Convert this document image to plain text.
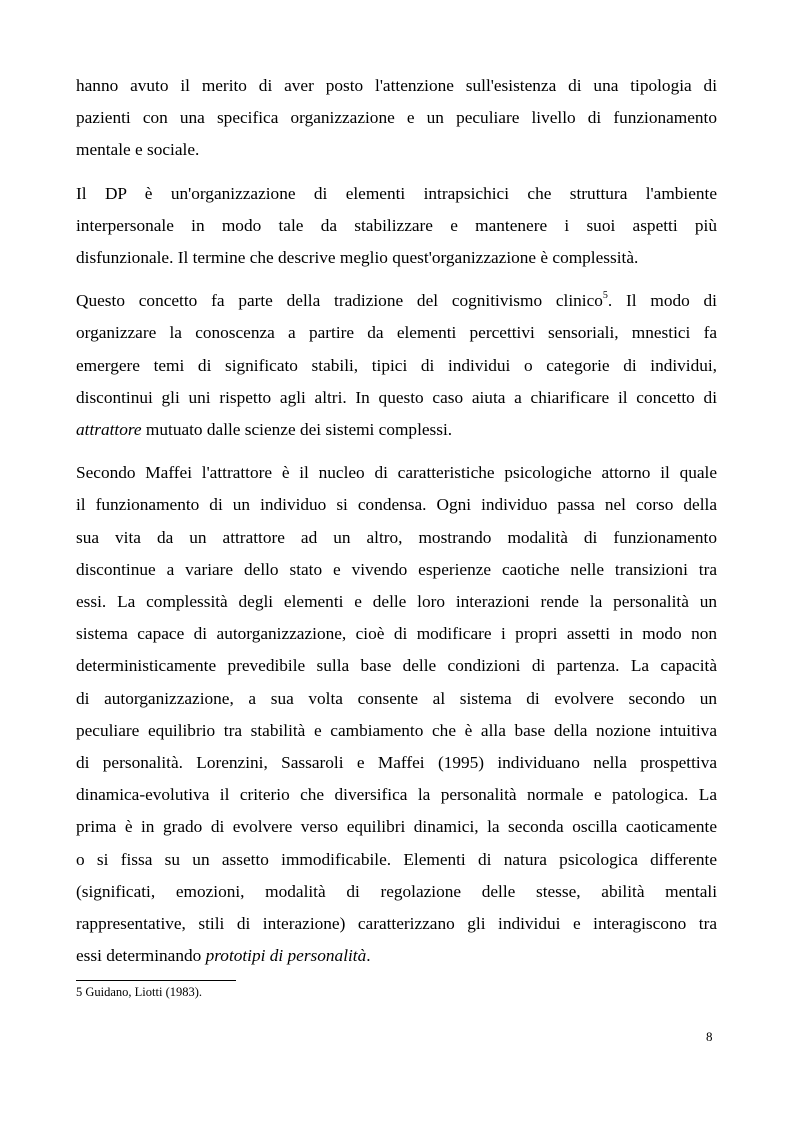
hanno avuto il merito di aver posto l'attenzione sull'esistenza di una tipologia di
pazienti con una specifica organizzazione e un peculiare livello di funzionamento
mentale e sociale.

Il DP è un'organizzazione di elementi intrapsichici che struttura l'ambiente
interpersonale in modo tale da stabilizzare e mantenere i suoi aspetti più
disfunzionale. Il termine che descrive meglio quest'organizzazione è complessità.

Questo concetto fa parte della tradizione del cognitivismo clinico$^5$. Il modo di
organizzare la conoscenza a partire da elementi percettivi sensoriali, mnestici fa
emergere temi di significato stabili, tipici di individui o categorie di individui,
discontinui gli uni rispetto agli altri. In questo caso aiuta a chiarificare il concetto di
attrattore mutuato dalle scienze dei sistemi complessi.

Secondo Maffei l'attrattore è il nucleo di caratteristiche psicologiche attorno il quale
il funzionamento di un individuo si condensa. Ogni individuo passa nel corso della
sua vita da un attrattore ad un altro, mostrando modalità di funzionamento
discontinue a variare dello stato e vivendo esperienze caotiche nelle transizioni tra
essi. La complessità degli elementi e delle loro interazioni rende la personalità un
sistema capace di autorganizzazione, cioè di modificare i propri assetti in modo non
deterministicamente prevedibile sulla base delle condizioni di partenza. La capacità
di autorganizzazione, a sua volta consente al sistema di evolvere secondo un
peculiare equilibrio tra stabilità e cambiamento che è alla base della nozione intuitiva
di personalità. Lorenzini, Sassaroli e Maffei (1995) individuano nella prospettiva
dinamica-evolutiva il criterio che diversifica la personalità normale e patologica. La
prima è in grado di evolvere verso equilibri dinamici, la seconda oscilla caoticamente
o si fissa su un assetto immodificabile. Elementi di natura psicologica differente
(significati, emozioni, modalità di regolazione delle stesse, abilità mentali
rappresentative, stili di interazione) caratterizzano gli individui e interagiscono tra
essi determinando prototipi di personalità.

5 Guidano, Liotti (1983).
8
